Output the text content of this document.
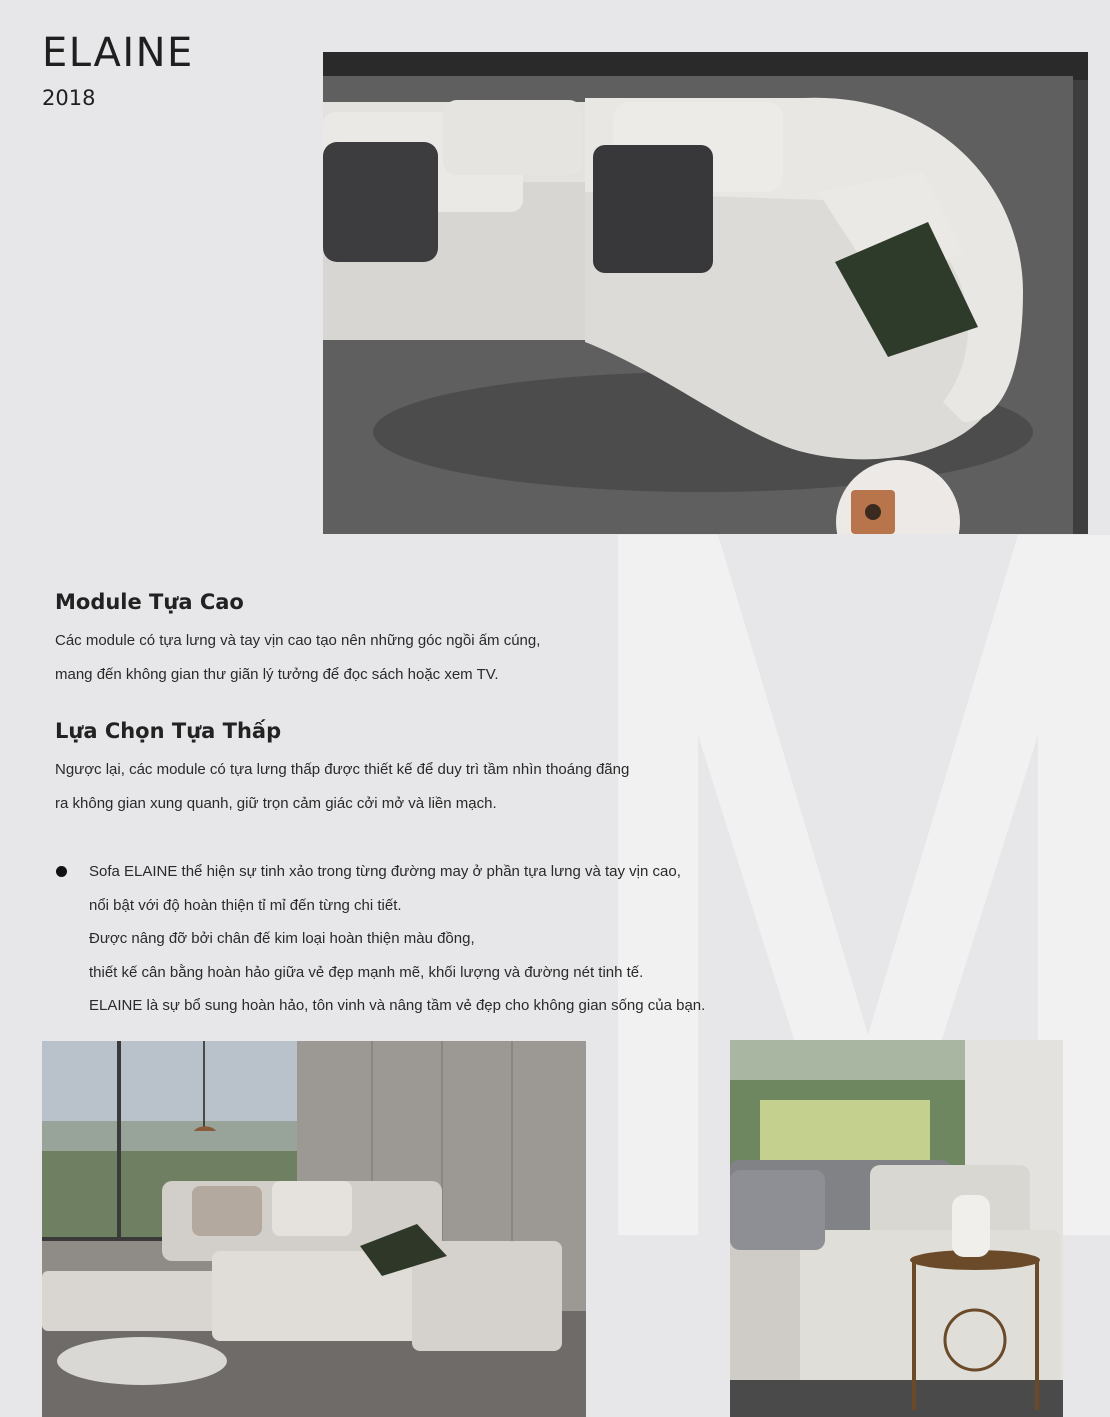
ELAINE
2018
Module Tựa Cao

Các module có tựa lưng và tay vịn cao tạo nên những góc ngồi ấm cúng,

mang đến không gian thư giãn lý tưởng để đọc sách hoặc xem TV.

Lựa Chọn Tựa Thấp

Ngược lại, các module có tựa lưng thấp được thiết kế để duy trì tầm nhìn thoáng đãng

ra không gian xung quanh, giữ trọn cảm giác cởi mở và liền mạch.

Sofa ELAINE thể hiện sự tinh xảo trong từng đường may ở phần tựa lưng và tay vịn cao,
nổi bật với độ hoàn thiện tỉ mỉ đến từng chi tiết.
Được nâng đỡ bởi chân đế kim loại hoàn thiện màu đồng,
thiết kế cân bằng hoàn hảo giữa vẻ đẹp mạnh mẽ, khối lượng và đường nét tinh tế.
ELAINE là sự bổ sung hoàn hảo, tôn vinh và nâng tầm vẻ đẹp cho không gian sống của bạn.
